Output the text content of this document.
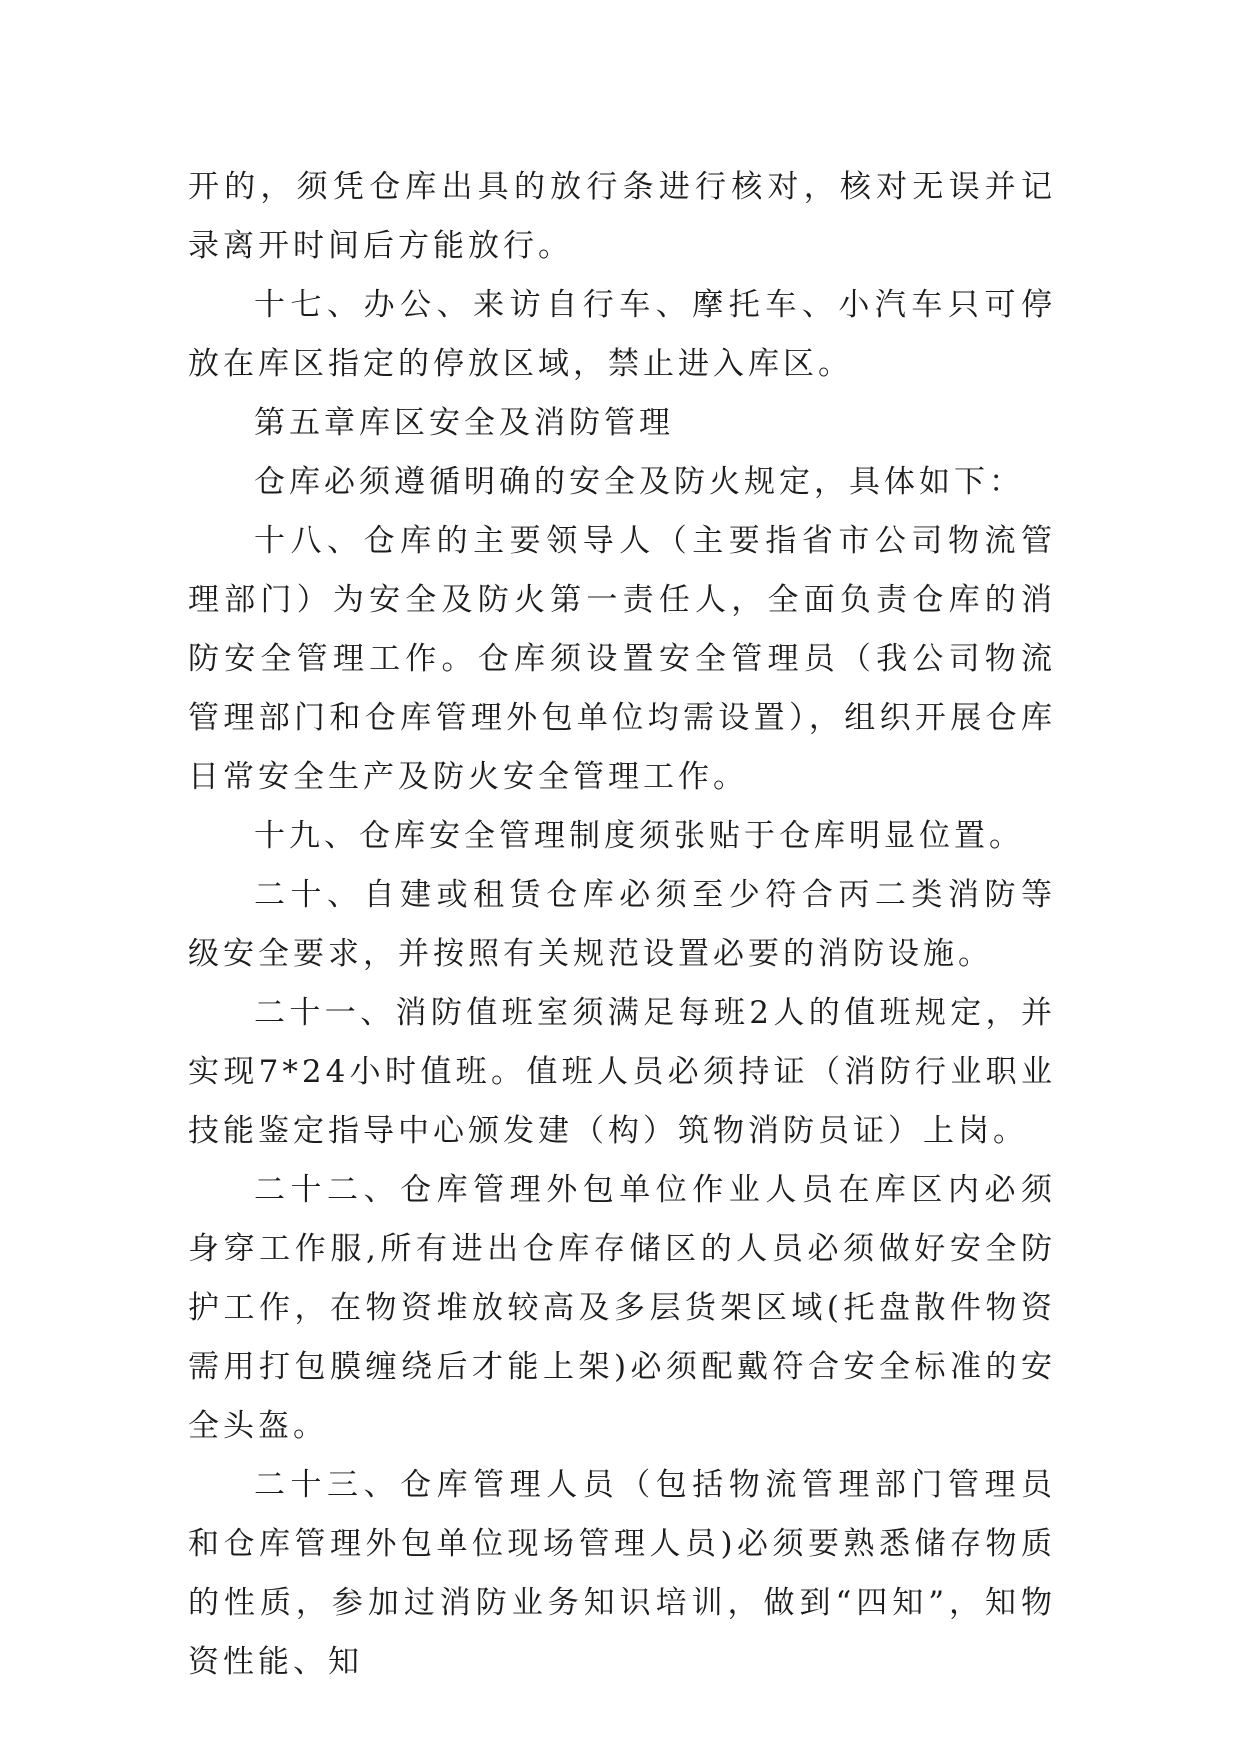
开的，须凭仓库出具的放行条进行核对，核对无误并记录离开时间后方能放行。

十七、办公、来访自行车、摩托车、小汽车只可停放在库区指定的停放区域，禁止进入库区。

第五章库区安全及消防管理

仓库必须遵循明确的安全及防火规定，具体如下：

十八、仓库的主要领导人（主要指省市公司物流管理部门）为安全及防火第一责任人，全面负责仓库的消防安全管理工作。仓库须设置安全管理员（我公司物流管理部门和仓库管理外包单位均需设置），组织开展仓库日常安全生产及防火安全管理工作。

十九、仓库安全管理制度须张贴于仓库明显位置。

二十、自建或租赁仓库必须至少符合丙二类消防等级安全要求，并按照有关规范设置必要的消防设施。

二十一、消防值班室须满足每班2人的值班规定，并实现7*24小时值班。值班人员必须持证（消防行业职业技能鉴定指导中心颁发建（构）筑物消防员证）上岗。

二十二、仓库管理外包单位作业人员在库区内必须身穿工作服,所有进出仓库存储区的人员必须做好安全防护工作，在物资堆放较高及多层货架区域(托盘散件物资需用打包膜缠绕后才能上架)必须配戴符合安全标准的安全头盔。

二十三、仓库管理人员（包括物流管理部门管理员和仓库管理外包单位现场管理人员)必须要熟悉储存物质的性质，参加过消防业务知识培训，做到“四知”，知物资性能、知
